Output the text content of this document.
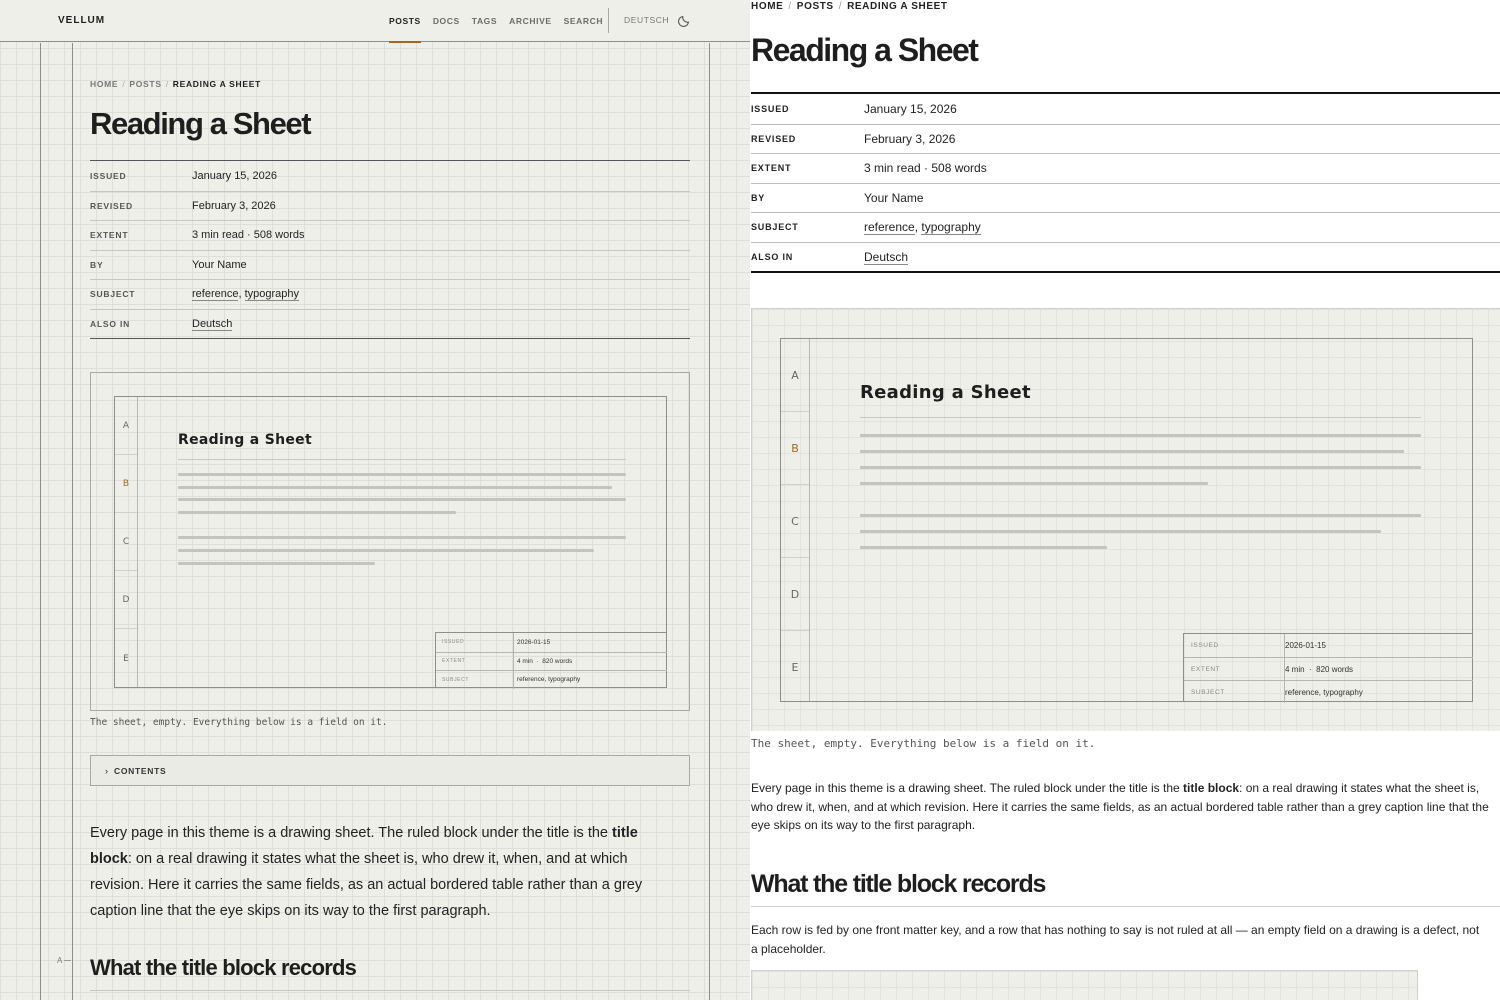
VELLUM	POSTS DOCS TAGS ARCHIVE SEARCH DEUTSCH
A
HOME / POSTS / READING A SHEET
Reading a Sheet
ISSUED	January 15, 2026
REVISED	February 3, 2026
EXTENT	3 min read · 508 words
BY	Your Name
SUBJECT	reference, typography
ALSO IN	Deutsch
A
B
C
D
E
Reading a Sheet
ISSUED	2026-01-15
EXTENT	4 min  ·  820 words
SUBJECT	reference, typography
The sheet, empty. Everything below is a field on it.
› CONTENTS

Every page in this theme is a drawing sheet. The ruled block under the title is the title block: on a real drawing it states what the sheet is, who drew it, when, and at which revision. Here it carries the same fields, as an actual bordered table rather than a grey caption line that the eye skips on its way to the first paragraph.

What the title block records
HOME / POSTS / READING A SHEET
Reading a Sheet
ISSUED	January 15, 2026
REVISED	February 3, 2026
EXTENT	3 min read · 508 words
BY	Your Name
SUBJECT	reference, typography
ALSO IN	Deutsch
A
B
C
D
E
Reading a Sheet
ISSUED	2026-01-15
EXTENT	4 min  ·  820 words
SUBJECT	reference, typography
The sheet, empty. Everything below is a field on it.

Every page in this theme is a drawing sheet. The ruled block under the title is the title block: on a real drawing it states what the sheet is, who drew it, when, and at which revision. Here it carries the same fields, as an actual bordered table rather than a grey caption line that the eye skips on its way to the first paragraph.

What the title block records

Each row is fed by one front matter key, and a row that has nothing to say is not ruled at all — an empty field on a drawing is a defect, not a placeholder.
